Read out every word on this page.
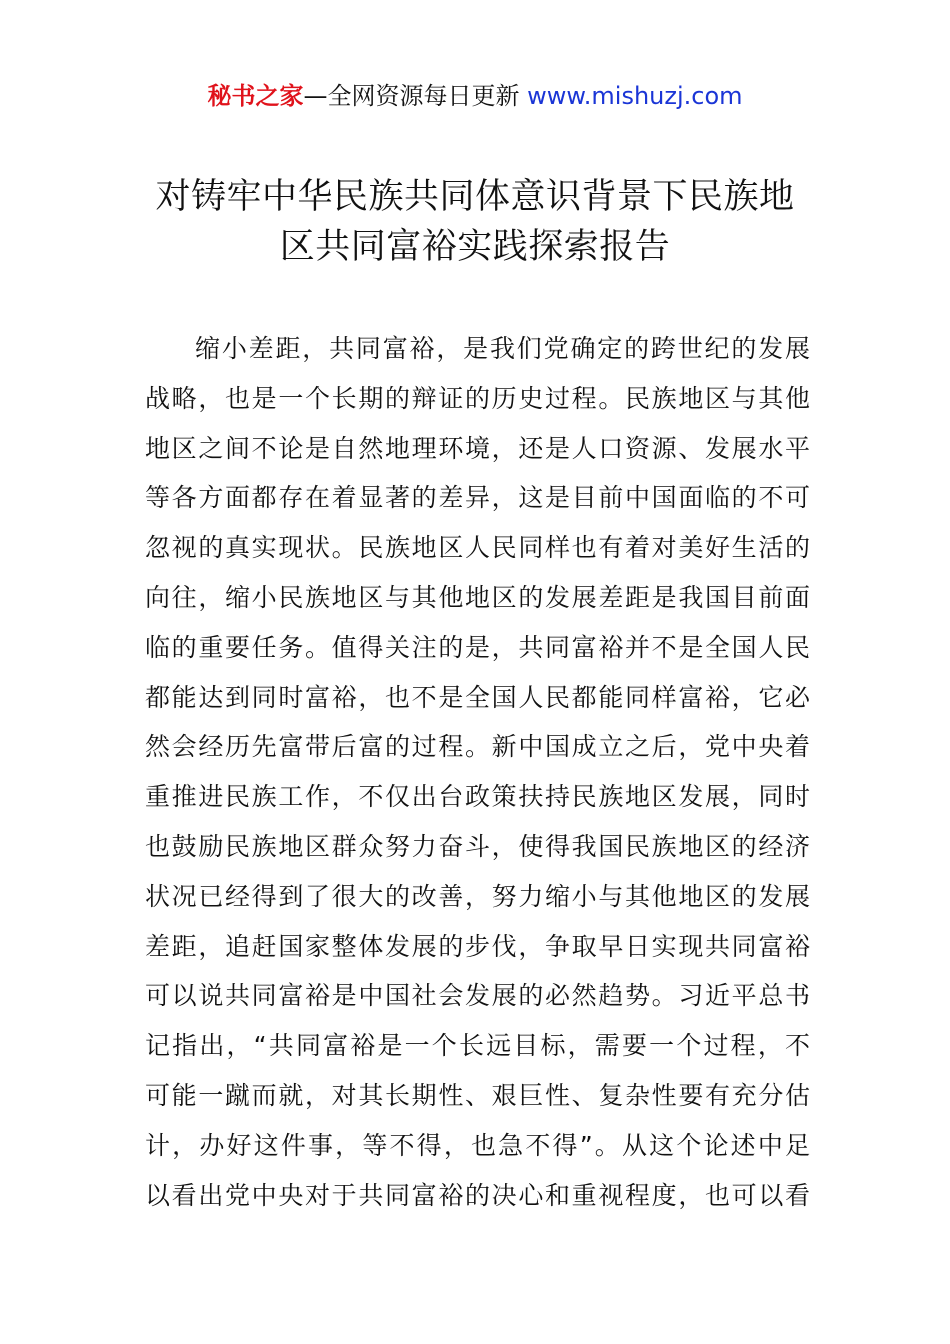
秘书之家—全网资源每日更新 www.mishuzj.com
对铸牢中华民族共同体意识背景下民族地
区共同富裕实践探索报告
缩小差距，共同富裕，是我们党确定的跨世纪的发展
战略，也是一个长期的辩证的历史过程。民族地区与其他
地区之间不论是自然地理环境，还是人口资源、发展水平
等各方面都存在着显著的差异，这是目前中国面临的不可
忽视的真实现状。民族地区人民同样也有着对美好生活的
向往，缩小民族地区与其他地区的发展差距是我国目前面
临的重要任务。值得关注的是，共同富裕并不是全国人民
都能达到同时富裕，也不是全国人民都能同样富裕，它必
然会经历先富带后富的过程。新中国成立之后，党中央着
重推进民族工作，不仅出台政策扶持民族地区发展，同时
也鼓励民族地区群众努力奋斗，使得我国民族地区的经济
状况已经得到了很大的改善，努力缩小与其他地区的发展
差距，追赶国家整体发展的步伐，争取早日实现共同富裕
可以说共同富裕是中国社会发展的必然趋势。习近平总书
记指出，“共同富裕是一个长远目标，需要一个过程，不
可能一蹴而就，对其长期性、艰巨性、复杂性要有充分估
计，办好这件事，等不得，也急不得”。从这个论述中足
以看出党中央对于共同富裕的决心和重视程度，也可以看
